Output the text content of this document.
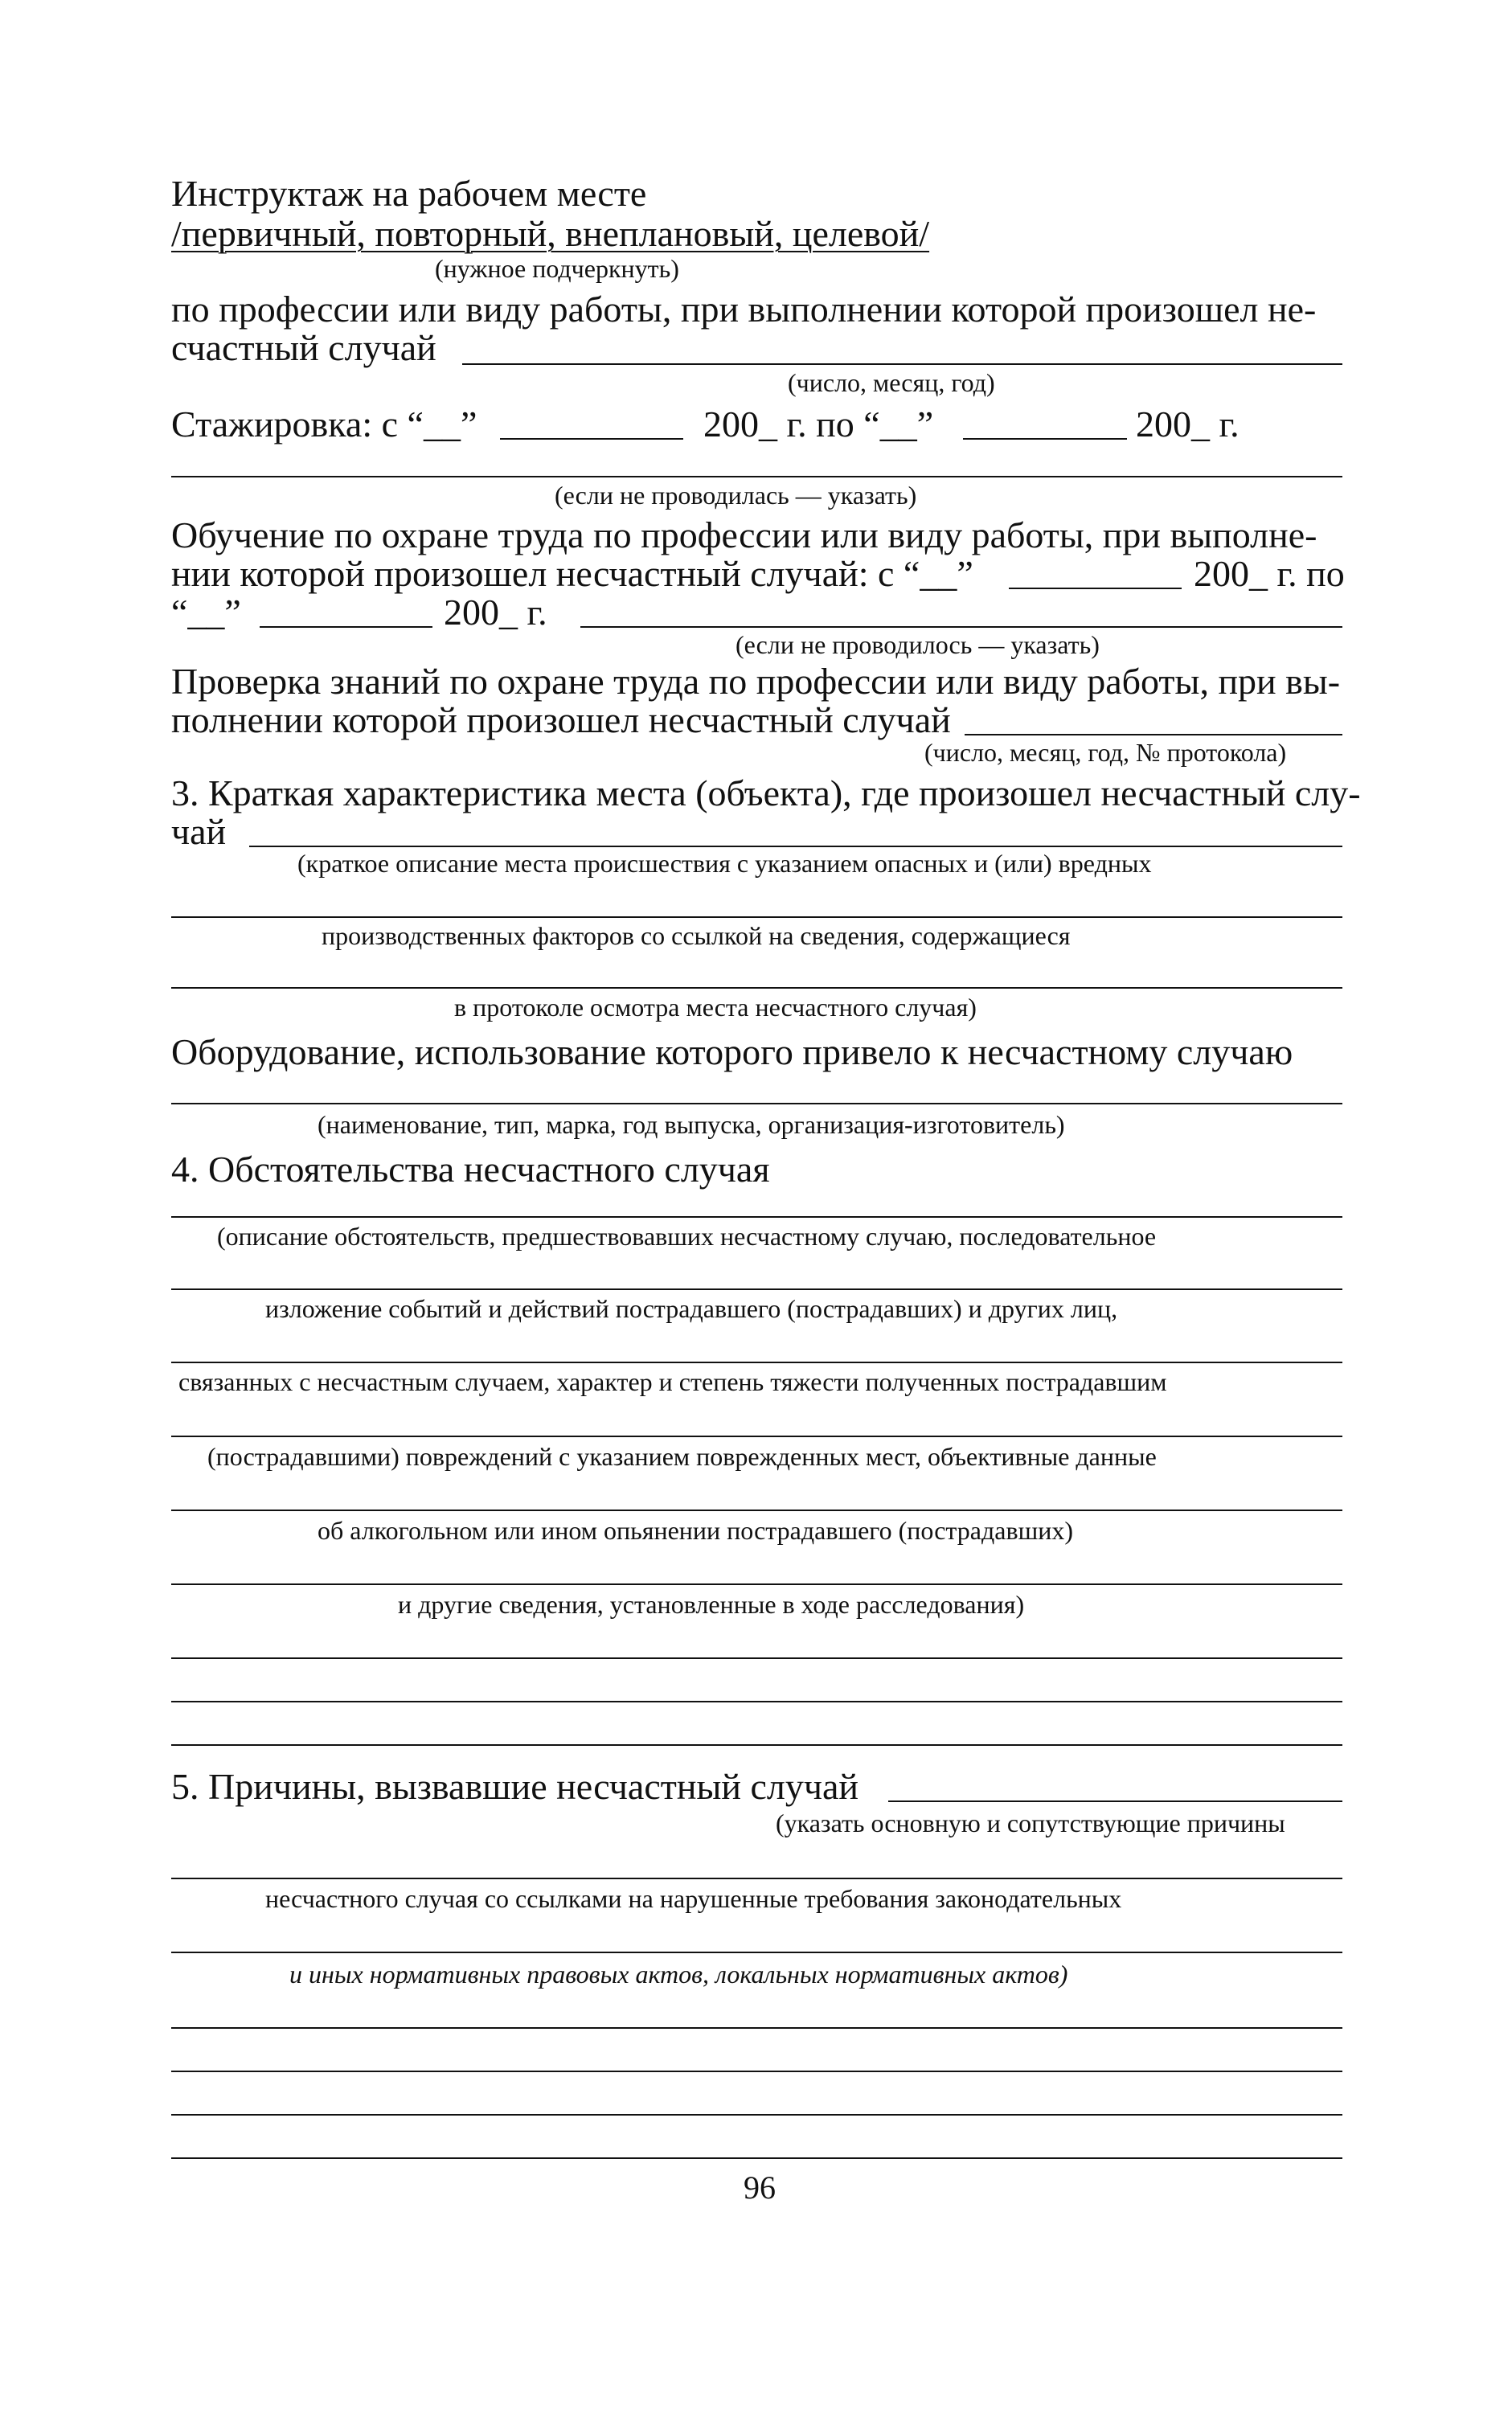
Инструктаж на рабочем месте
/первичный, повторный, внеплановый, целевой/
(нужное подчеркнуть)
по профессии или виду работы, при выполнении которой произошел не-
счастный случай
(число, месяц, год)
Стажировка: с “__”	200_ г. по “__”	200_ г.
(если не проводилась — указать)
Обучение по охране труда по профессии или виду работы, при выполне-
нии которой произошел несчастный случай: с “__”	200_ г. по
“__”	200_ г.
(если не проводилось — указать)
Проверка знаний по охране труда по профессии или виду работы, при вы-
полнении которой произошел несчастный случай
(число, месяц, год, № протокола)
3. Краткая характеристика места (объекта), где произошел несчастный слу-
чай
(краткое описание места происшествия с указанием опасных и (или) вредных
производственных факторов со ссылкой на сведения, содержащиеся
в протоколе осмотра места несчастного случая)
Оборудование, использование которого привело к несчастному случаю
(наименование, тип, марка, год выпуска, организация-изготовитель)
4. Обстоятельства несчастного случая
(описание обстоятельств, предшествовавших несчастному случаю, последовательное
изложение событий и действий пострадавшего (пострадавших) и других лиц,
связанных с несчастным случаем, характер и степень тяжести полученных пострадавшим
(пострадавшими) повреждений с указанием поврежденных мест, объективные данные
об алкогольном или ином опьянении пострадавшего (пострадавших)
и другие сведения, установленные в ходе расследования)
5. Причины, вызвавшие несчастный случай
(указать основную и сопутствующие причины
несчастного случая со ссылками на нарушенные требования законодательных
и иных нормативных правовых актов, локальных нормативных актов)
96
